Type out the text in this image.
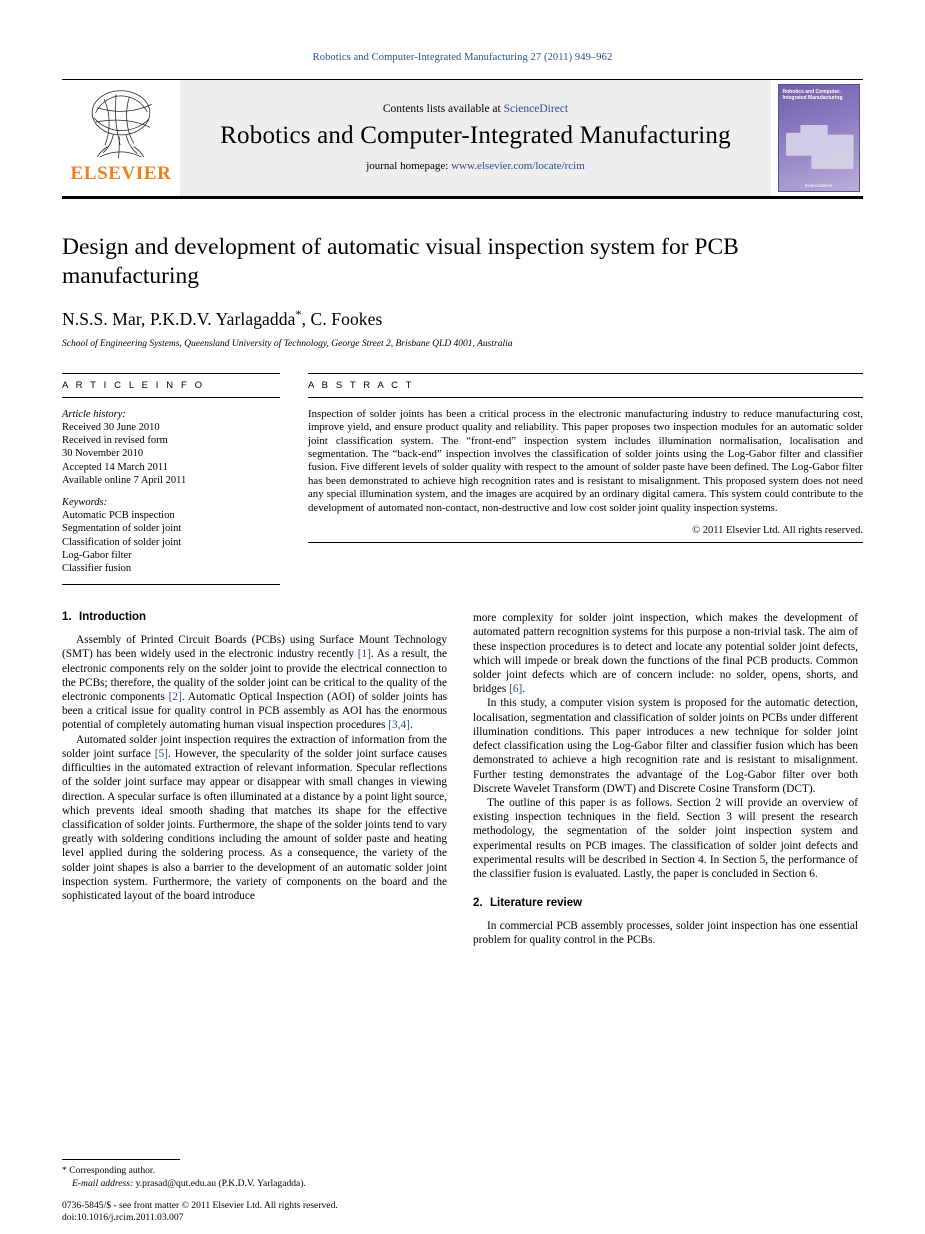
Robotics and Computer-Integrated Manufacturing 27 (2011) 949–962
ELSEVIER
Contents lists available at ScienceDirect
Robotics and Computer-Integrated Manufacturing
journal homepage: www.elsevier.com/locate/rcim
Robotics and Computer-Integrated Manufacturing
ScienceDirect
Design and development of automatic visual inspection system for PCB manufacturing
N.S.S. Mar, P.K.D.V. Yarlagadda*, C. Fookes
School of Engineering Systems, Queensland University of Technology, George Street 2, Brisbane QLD 4001, Australia
A R T I C L E I N F O

Article history:
Received 30 June 2010
Received in revised form
30 November 2010
Accepted 14 March 2011
Available online 7 April 2011

Keywords:
Automatic PCB inspection
Segmentation of solder joint
Classification of solder joint
Log-Gabor filter
Classifier fusion

A B S T R A C T
Inspection of solder joints has been a critical process in the electronic manufacturing industry to reduce manufacturing cost, improve yield, and ensure product quality and reliability. This paper proposes two inspection modules for an automatic solder joint classification system. The “front-end” inspection system includes illumination normalisation, localisation and segmentation. The “back-end” inspection involves the classification of solder joints using the Log-Gabor filter and classifier fusion. Five different levels of solder quality with respect to the amount of solder paste have been defined. The Log-Gabor filter has been demonstrated to achieve high recognition rates and is resistant to misalignment. This proposed system does not need any special illumination system, and the images are acquired by an ordinary digital camera. This system could contribute to the development of automated non-contact, non-destructive and low cost solder joint quality inspection systems.
© 2011 Elsevier Ltd. All rights reserved.
1. Introduction

Assembly of Printed Circuit Boards (PCBs) using Surface Mount Technology (SMT) has been widely used in the electronic industry recently [1]. As a result, the electronic components rely on the solder joint to provide the electrical connection to the PCBs; therefore, the quality of the solder joint can be critical to the quality of the electronic components [2]. Automatic Optical Inspection (AOI) of solder joints has been a critical issue for quality control in PCB assembly as AOI has the enormous potential of completely automating human visual inspection procedures [3,4].

Automated solder joint inspection requires the extraction of information from the solder joint surface [5]. However, the specularity of the solder joint surface causes difficulties in the automated extraction of relevant information. Specular reflections of the solder joint surface may appear or disappear with small changes in viewing direction. A specular surface is often illuminated at a distance by a point light source, which prevents ideal smooth shading that matches its shape for the effective classification of solder joints. Furthermore, the shape of the solder joints tend to vary greatly with soldering conditions including the amount of solder paste and heating level applied during the soldering process. As a consequence, the variety of the solder joint shapes is also a barrier to the development of an automatic solder joint inspection system. Furthermore, the variety of components on the board and the sophisticated layout of the board introduce

more complexity for solder joint inspection, which makes the development of automated pattern recognition systems for this purpose a non-trivial task. The aim of these inspection procedures is to detect and locate any potential solder joint defects, which will impede or break down the functions of the final PCB products. Common solder joint defects which are of concern include: no solder, opens, shorts, and bridges [6].

In this study, a computer vision system is proposed for the automatic detection, localisation, segmentation and classification of solder joints on PCBs under different illumination conditions. This paper introduces a new technique for solder joint defect classification using the Log-Gabor filter and classifier fusion which has been demonstrated to achieve a high recognition rate and is resistant to misalignment. Further testing demonstrates the advantage of the Log-Gabor filter over both Discrete Wavelet Transform (DWT) and Discrete Cosine Transform (DCT).

The outline of this paper is as follows. Section 2 will provide an overview of existing inspection techniques in the field. Section 3 will present the research methodology, the segmentation of the solder joint inspection system and experimental results on PCB images. The classification of solder joint defects and experimental results will be described in Section 4. In Section 5, the performance of the classifier fusion is evaluated. Lastly, the paper is concluded in Section 6.

2. Literature review

In commercial PCB assembly processes, solder joint inspection has one essential problem for quality control in the PCBs.

* Corresponding author.
E-mail address: y.prasad@qut.edu.au (P.K.D.V. Yarlagadda).
0736-5845/$ - see front matter © 2011 Elsevier Ltd. All rights reserved.
doi:10.1016/j.rcim.2011.03.007
